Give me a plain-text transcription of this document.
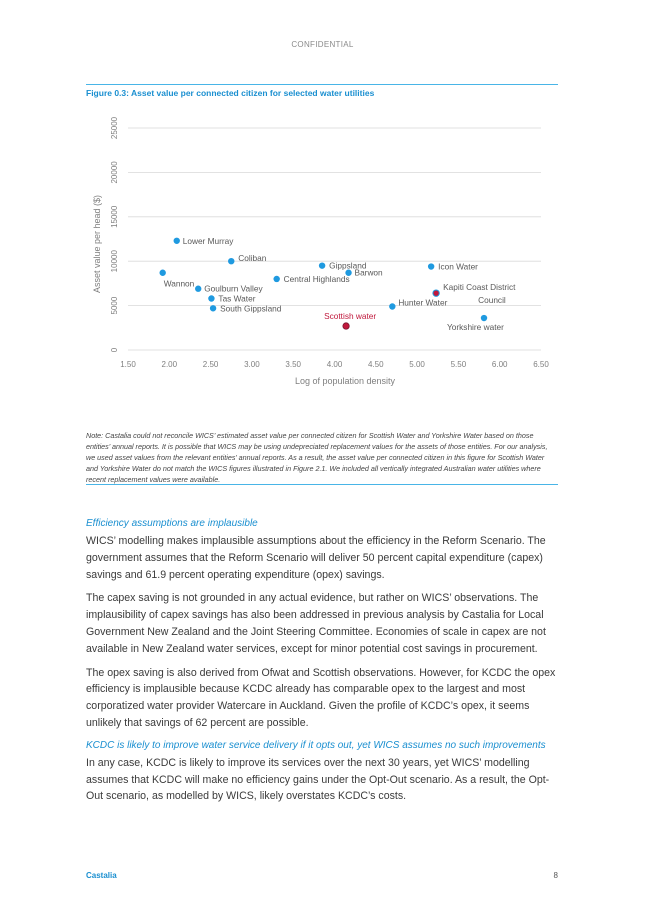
CONFIDENTIAL
Figure 0.3: Asset value per connected citizen for selected water utilities
0
5000
10000
15000
20000
25000
1.50	2.00	2.50	3.00	3.50	4.00	4.50	5.00	5.50	6.00	6.50
Lower Murray
Wannon
Coliban
Goulburn Valley
Tas Water
South Gippsland
Central Highlands
Gippsland
Barwon
Scottish water
Hunter Water
Icon Water
Kapiti Coast District Council
Yorkshire water
Asset value per head ($)
Log of population density
Note: Castalia could not reconcile WICS’ estimated asset value per connected citizen for Scottish Water and Yorkshire Water based on those entities’ annual reports. It is possible that WICS may be using undepreciated replacement values for the assets of those entities. For our analysis, we used asset values from the relevant entities’ annual reports. As a result, the asset value per connected citizen in this figure for Scottish Water and Yorkshire Water do not match the WICS figures illustrated in Figure 2.1. We included all vertically integrated Australian water utilities where recent replacement values were available.

Efficiency assumptions are implausible

WICS’ modelling makes implausible assumptions about the efficiency in the Reform Scenario. The government assumes that the Reform Scenario will deliver 50 percent capital expenditure (capex) savings and 61.9 percent operating expenditure (opex) savings.

The capex saving is not grounded in any actual evidence, but rather on WICS’ observations. The implausibility of capex savings has also been addressed in previous analysis by Castalia for Local Government New Zealand and the Joint Steering Committee. Economies of scale in capex are not available in New Zealand water services, except for minor potential cost savings in procurement.

The opex saving is also derived from Ofwat and Scottish observations. However, for KCDC the opex efficiency is implausible because KCDC already has comparable opex to the largest and most corporatized water provider Watercare in Auckland. Given the profile of KCDC’s opex, it seems unlikely that savings of 62 percent are possible.

KCDC is likely to improve water service delivery if it opts out, yet WICS assumes no such improvements

In any case, KCDC is likely to improve its services over the next 30 years, yet WICS’ modelling assumes that KCDC will make no efficiency gains under the Opt-Out scenario. As a result, the Opt-Out scenario, as modelled by WICS, likely overstates KCDC’s costs.

Castalia	8
